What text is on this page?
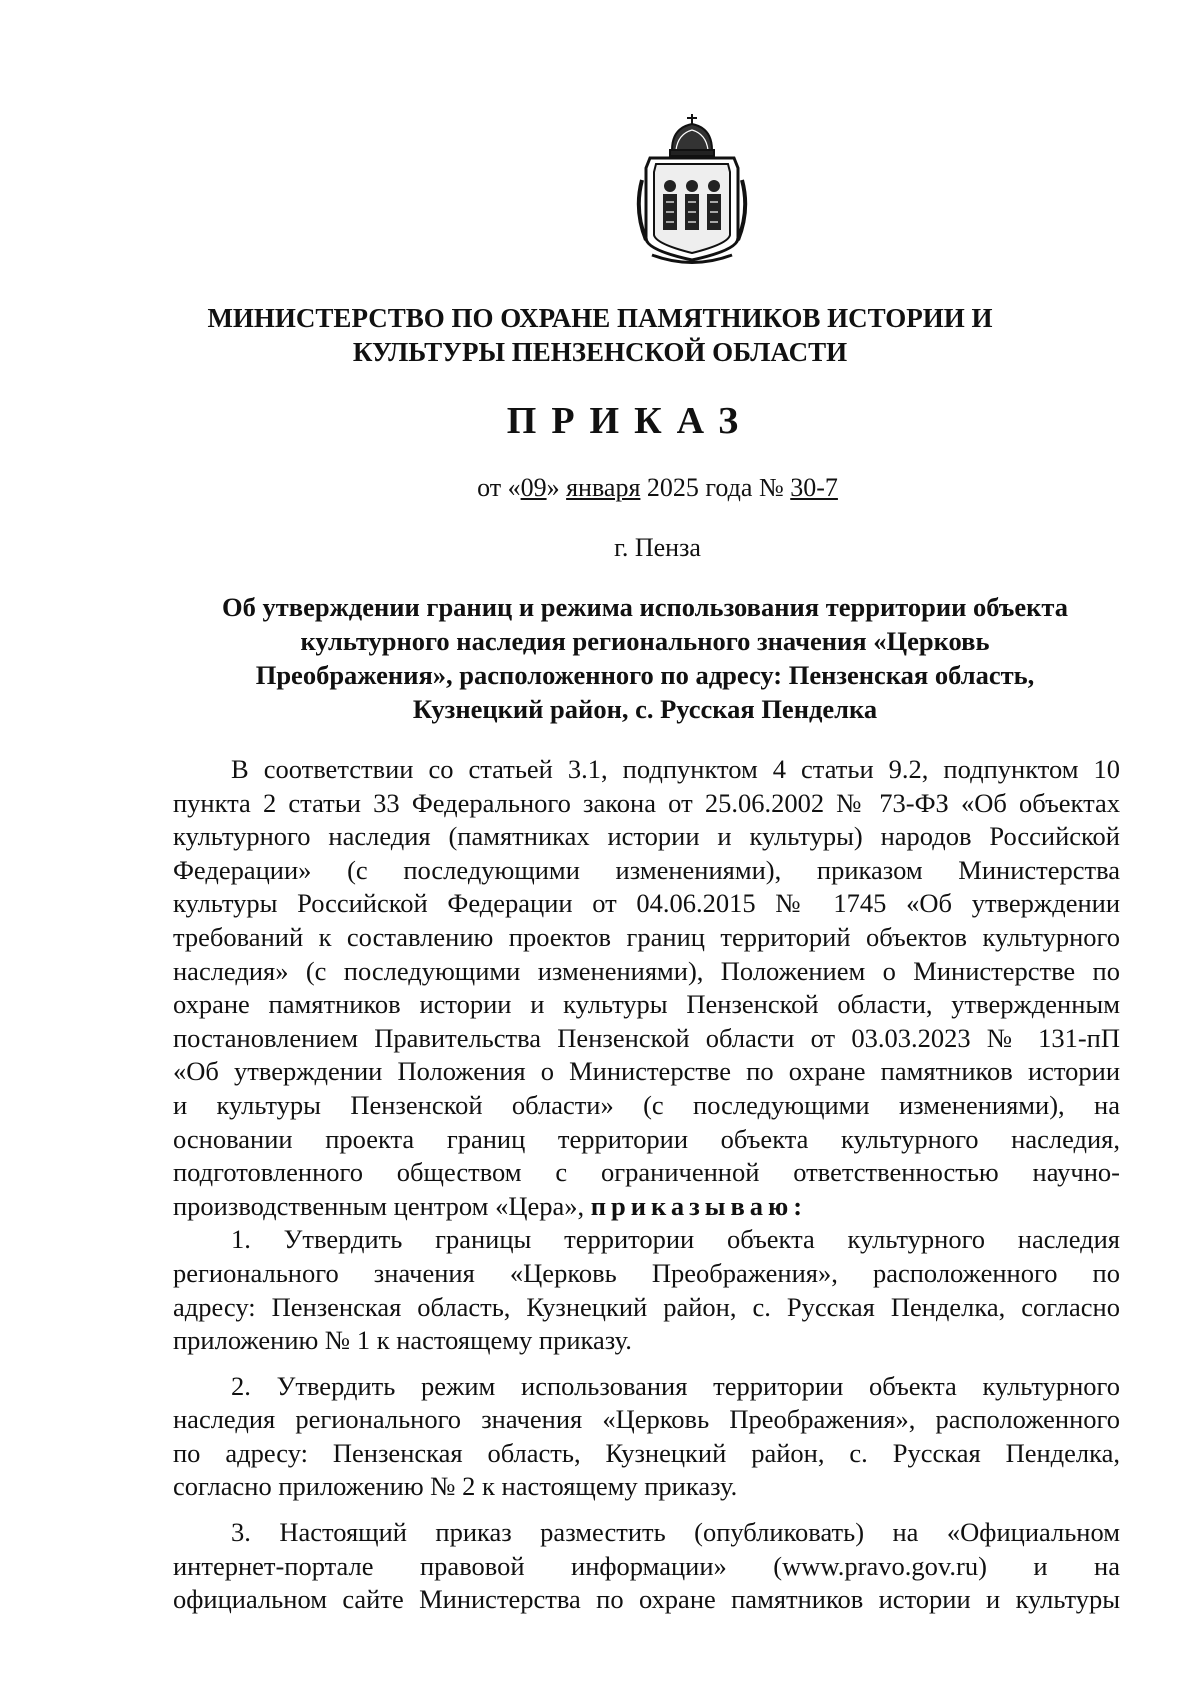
МИНИСТЕРСТВО ПО ОХРАНЕ ПАМЯТНИКОВ ИСТОРИИ И
КУЛЬТУРЫ ПЕНЗЕНСКОЙ ОБЛАСТИ
ПРИКАЗ
от «09» января 2025 года № 30-7
г. Пенза
Об утверждении границ и режима использования территории объекта
культурного наследия регионального значения «Церковь
Преображения», расположенного по адресу: Пензенская область,
Кузнецкий район, с. Русская Пенделка
В соответствии со статьей 3.1, подпунктом 4 статьи 9.2, подпунктом 10
пункта 2 статьи 33 Федерального закона от 25.06.2002 № 73-ФЗ «Об объектах
культурного наследия (памятниках истории и культуры) народов Российской
Федерации» (с последующими изменениями), приказом Министерства
культуры Российской Федерации от 04.06.2015 № 1745 «Об утверждении
требований к составлению проектов границ территорий объектов культурного
наследия» (с последующими изменениями), Положением о Министерстве по
охране памятников истории и культуры Пензенской области, утвержденным
постановлением Правительства Пензенской области от 03.03.2023 № 131-пП
«Об утверждении Положения о Министерстве по охране памятников истории
и культуры Пензенской области» (с последующими изменениями), на
основании проекта границ территории объекта культурного наследия,
подготовленного обществом с ограниченной ответственностью научно-
производственным центром «Цера», приказываю:
1. Утвердить границы территории объекта культурного наследия
регионального значения «Церковь Преображения», расположенного по
адресу: Пензенская область, Кузнецкий район, с. Русская Пенделка, согласно
приложению № 1 к настоящему приказу.
2. Утвердить режим использования территории объекта культурного
наследия регионального значения «Церковь Преображения», расположенного
по адресу: Пензенская область, Кузнецкий район, с. Русская Пенделка,
согласно приложению № 2 к настоящему приказу.
3. Настоящий приказ разместить (опубликовать) на «Официальном
интернет-портале правовой информации» (www.pravo.gov.ru) и на
официальном сайте Министерства по охране памятников истории и культуры
